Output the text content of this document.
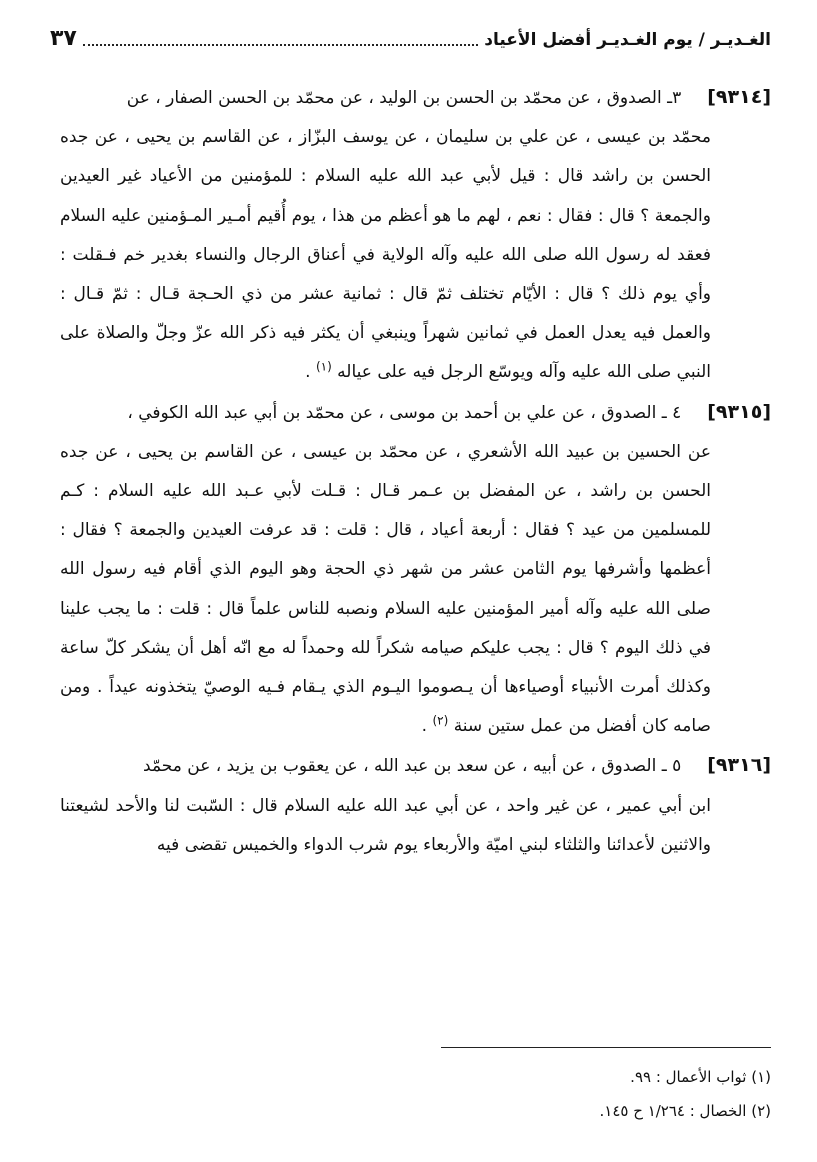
الغـديـر / يوم الغـديـر أفضل الأعياد
٣٧
[٩٣١٤]
٣ـ الصدوق ، عن محمّد بن الحسن بن الوليد ، عن محمّد بن الحسن الصفار ، عن
محمّد بن عيسى ، عن علي بن سليمان ، عن يوسف البزّاز ، عن القاسم بن يحيى ، عن جده الحسن بن راشد قال : قيل لأبي عبد الله عليه السلام : للمؤمنين من الأعياد غير العيدين والجمعة ؟ قال : فقال : نعم ، لهم ما هو أعظم من هذا ، يوم أُقيم أمـير المـؤمنين عليه السلام فعقد له رسول الله صلى الله عليه وآله الولاية في أعناق الرجال والنساء بغدير خم فـقلت : وأي يوم ذلك ؟ قال : الأيّام تختلف ثمّ قال : ثمانية عشر من ذي الحـجة قـال : ثمّ قـال : والعمل فيه يعدل العمل في ثمانين شهراً وينبغي أن يكثر فيه ذكر الله عزّ وجلّ والصلاة على النبي صلى الله عليه وآله ويوسّع الرجل فيه على عياله $^{(١)}$ .
[٩٣١٥]
٤ ـ الصدوق ، عن علي بن أحمد بن موسى ، عن محمّد بن أبي عبد الله الكوفي ،
عن الحسين بن عبيد الله الأشعري ، عن محمّد بن عيسى ، عن القاسم بن يحيى ، عن جده الحسن بن راشد ، عن المفضل بن عـمر قـال : قـلت لأبي عـبد الله عليه السلام : كـم للمسلمين من عيد ؟ فقال : أربعة أعياد ، قال : قلت : قد عرفت العيدين والجمعة ؟ فقال : أعظمها وأشرفها يوم الثامن عشر من شهر ذي الحجة وهو اليوم الذي أقام فيه رسول الله صلى الله عليه وآله أمير المؤمنين عليه السلام ونصبه للناس علماً قال : قلت : ما يجب علينا في ذلك اليوم ؟ قال : يجب عليكم صيامه شكراً لله وحمداً له مع انّه أهل أن يشكر كلّ ساعة وكذلك أمرت الأنبياء أوصياءها أن يـصوموا اليـوم الذي يـقام فـيه الوصيّ يتخذونه عيداً . ومن صامه كان أفضل من عمل ستين سنة $^{(٢)}$ .
[٩٣١٦]
٥ ـ الصدوق ، عن أبيه ، عن سعد بن عبد الله ، عن يعقوب بن يزيد ، عن محمّد
ابن أبي عمير ، عن غير واحد ، عن أبي عبد الله عليه السلام قال : السّبت لنا والأحد لشيعتنا والاثنين لأعدائنا والثلثاء لبني اميّة والأربعاء يوم شرب الدواء والخميس تقضى فيه
(١) ثواب الأعمال : ٩٩.
(٢) الخصال : ١/٢٦٤ ح ١٤٥.
